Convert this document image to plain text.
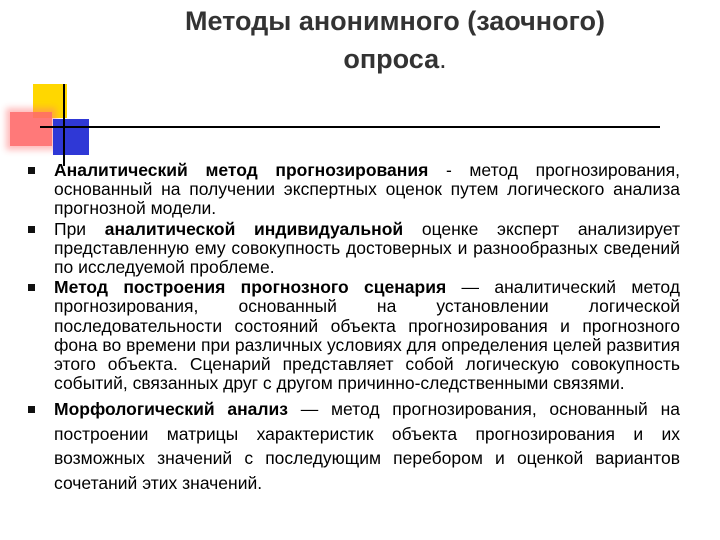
Методы анонимного (заочного)
опроса.
Аналитический метод прогнозирования - метод прогнозирования, основанный на получении экспертных оценок путем логического анализа прогнозной модели.
При аналитической индивидуальной оценке эксперт анализирует представленную ему совокупность достоверных и разнообразных сведений по исследуемой проблеме.
Метод построения прогнозного сценария — аналитический метод прогнозирования, основанный на установлении логической последовательности состояний объекта прогнозирования и прогнозного фона во времени при различных условиях для определения целей развития этого объекта. Сценарий представляет собой логическую совокупность событий, связанных друг с другом причинно-следственными связями.
Морфологический анализ — метод прогнозирования, основанный на построении матрицы характеристик объекта прогнозирования и их возможных значений с последующим перебором и оценкой вариантов сочетаний этих значений.
